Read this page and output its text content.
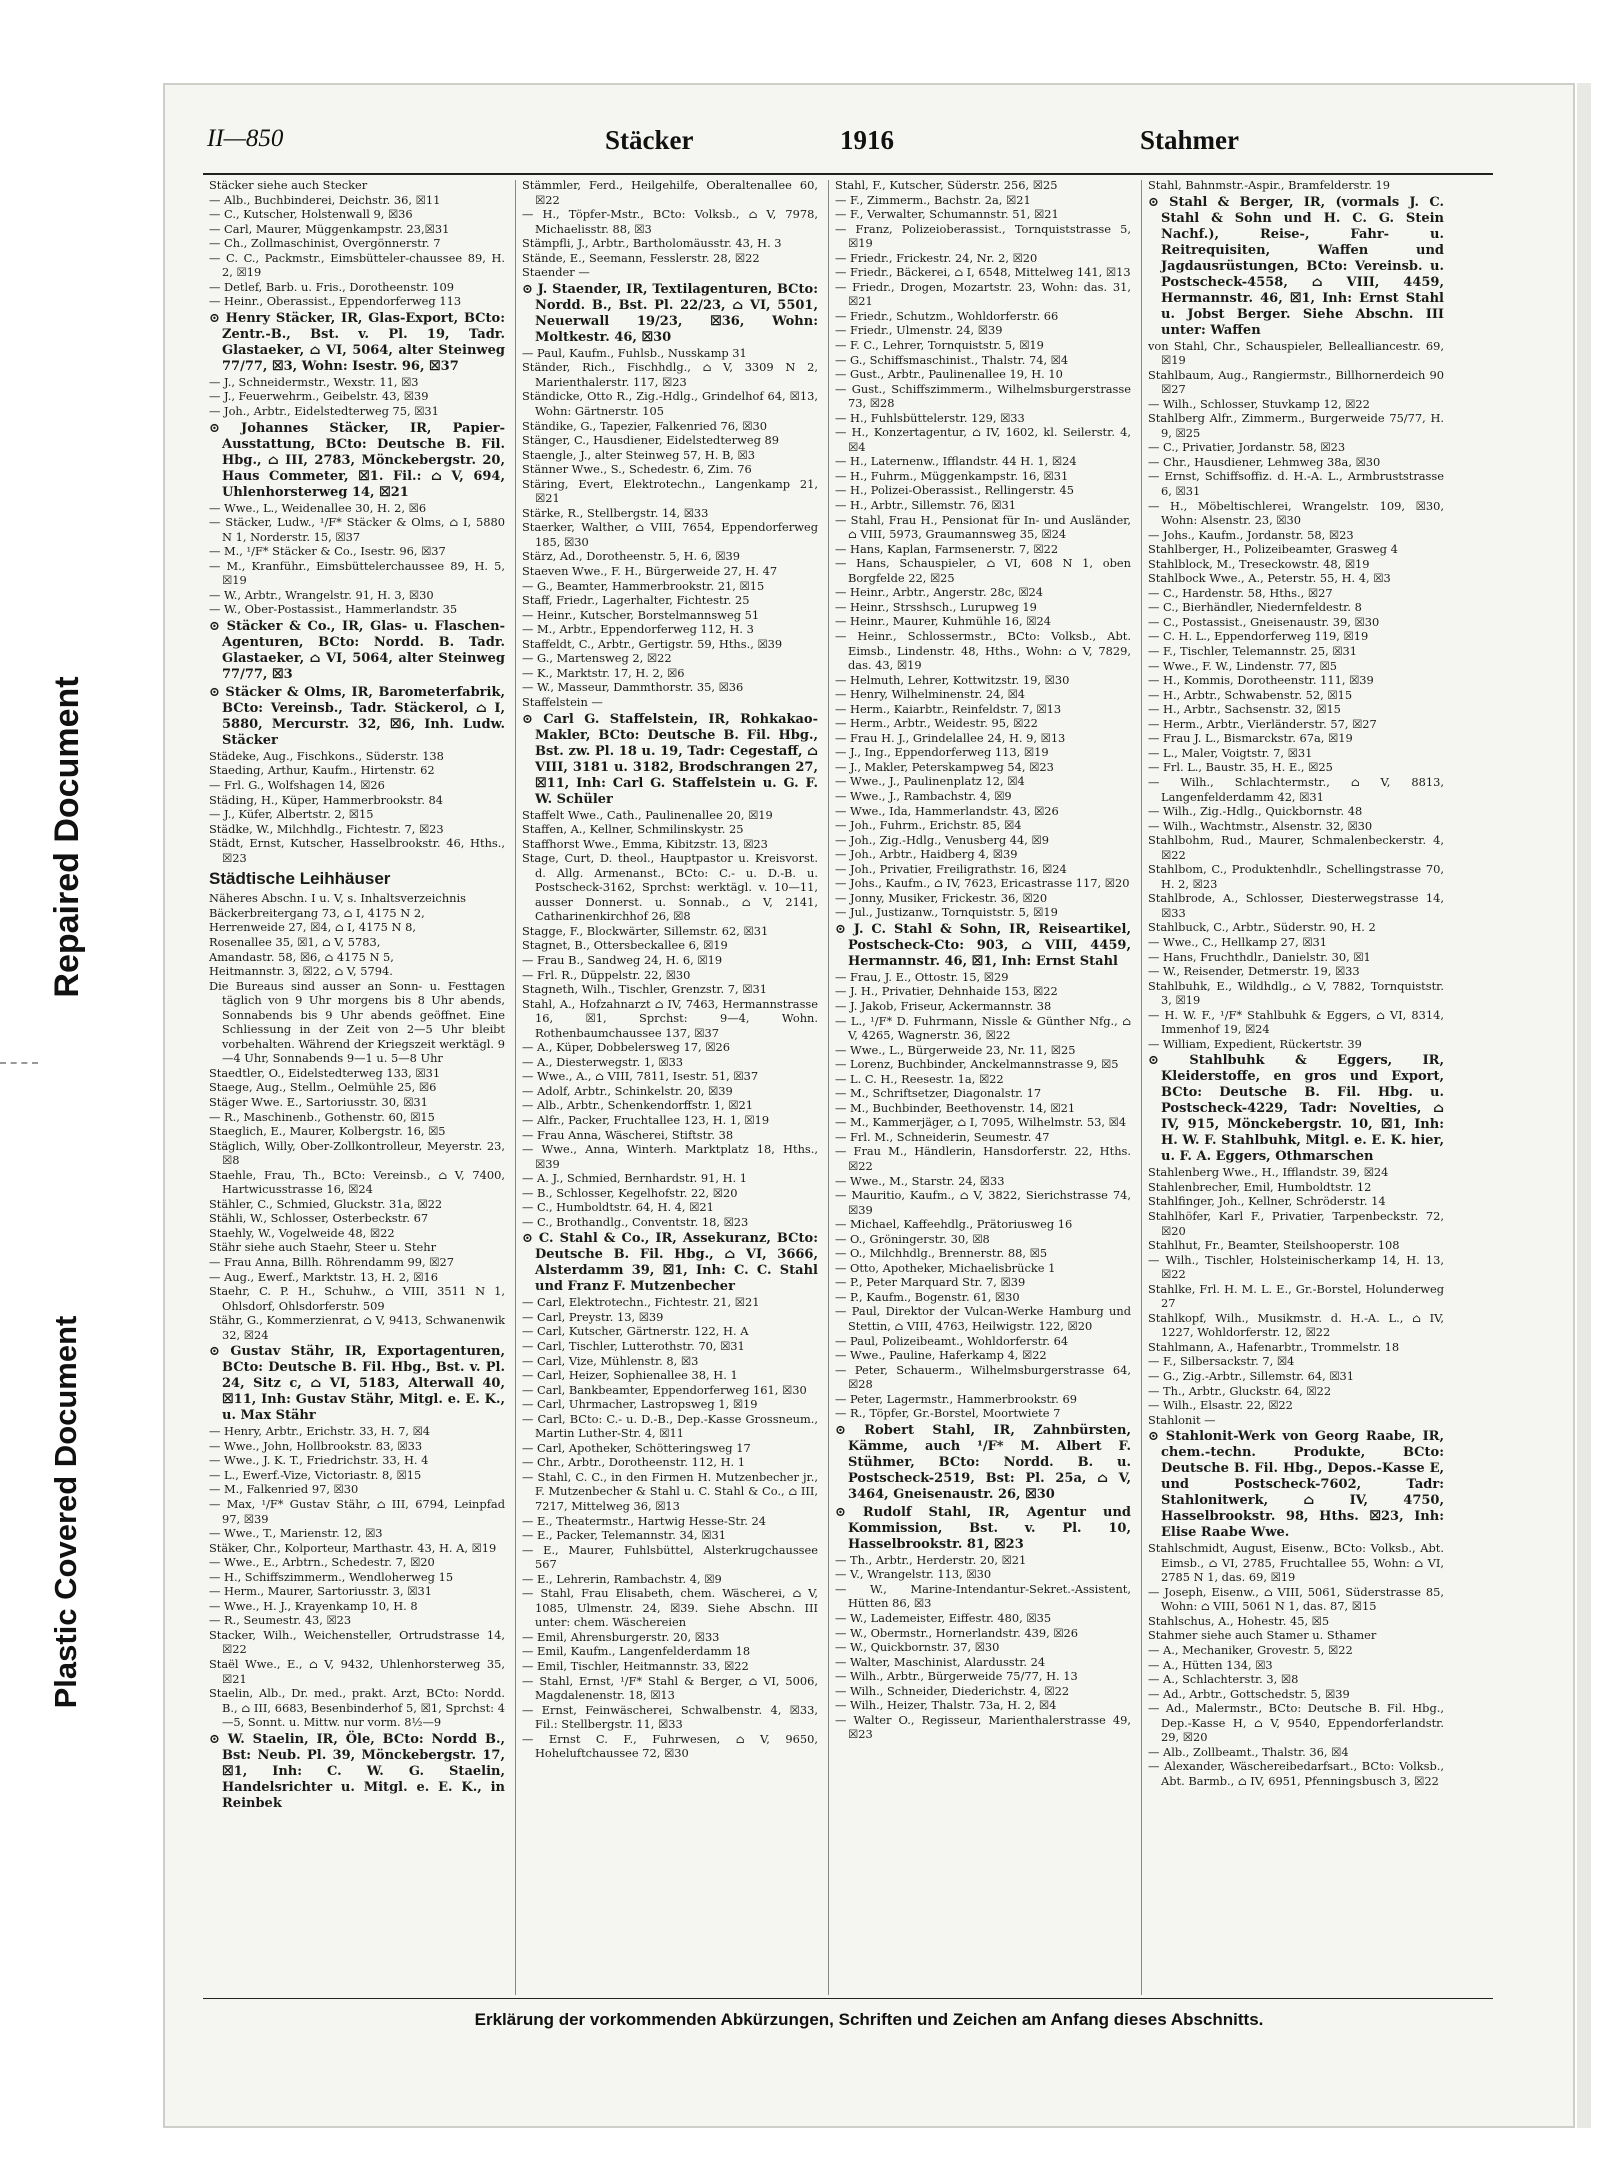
Repaired Document
Plastic Covered Document
II—850	Stäcker	1916	Stahmer

Stäcker siehe auch Stecker

— Alb., Buchbinderei, Deichstr. 36, ☒11

— C., Kutscher, Holstenwall 9, ☒36

— Carl, Maurer, Müggenkampstr. 23,☒31

— Ch., Zollmaschinist, Overgönnerstr. 7

— C. C., Packmstr., Eimsbütteler-chaussee 89, H. 2, ☒19

— Detlef, Barb. u. Fris., Dorotheenstr. 109

— Heinr., Oberassist., Eppendorferweg 113

⊙ Henry Stäcker, IR, Glas-Export, BCto: Zentr.-B., Bst. v. Pl. 19, Tadr. Glastaeker, ⌂ VI, 5064, alter Steinweg 77/77, ☒3, Wohn: Isestr. 96, ☒37

— J., Schneidermstr., Wexstr. 11, ☒3

— J., Feuerwehrm., Geibelstr. 43, ☒39

— Joh., Arbtr., Eidelstedterweg 75, ☒31

⊙ Johannes Stäcker, IR, Papier-Ausstattung, BCto: Deutsche B. Fil. Hbg., ⌂ III, 2783, Mönckebergstr. 20, Haus Commeter, ☒1. Fil.: ⌂ V, 694, Uhlenhorsterweg 14, ☒21

— Wwe., L., Weidenallee 30, H. 2, ☒6

— Stäcker, Ludw., ¹/F* Stäcker & Olms, ⌂ I, 5880 N 1, Norderstr. 15, ☒37

— M., ¹/F* Stäcker & Co., Isestr. 96, ☒37

— M., Kranführ., Eimsbüttelerchaussee 89, H. 5, ☒19

— W., Arbtr., Wrangelstr. 91, H. 3, ☒30

— W., Ober-Postassist., Hammerlandstr. 35

⊙ Stäcker & Co., IR, Glas- u. Flaschen-Agenturen, BCto: Nordd. B. Tadr. Glastaeker, ⌂ VI, 5064, alter Steinweg 77/77, ☒3

⊙ Stäcker & Olms, IR, Barometerfabrik, BCto: Vereinsb., Tadr. Stäckerol, ⌂ I, 5880, Mercurstr. 32, ☒6, Inh. Ludw. Stäcker

Städeke, Aug., Fischkons., Süderstr. 138

Staeding, Arthur, Kaufm., Hirtenstr. 62

— Frl. G., Wolfshagen 14, ☒26

Städing, H., Küper, Hammerbrookstr. 84

— J., Küfer, Albertstr. 2, ☒15

Städke, W., Milchhdlg., Fichtestr. 7, ☒23

Städt, Ernst, Kutscher, Hasselbrookstr. 46, Hths., ☒23

Städtische Leihhäuser

Näheres Abschn. I u. V, s. Inhaltsverzeichnis

Bäckerbreitergang 73, ⌂ I, 4175 N 2,

Herrenweide 27, ☒4, ⌂ I, 4175 N 8,

Rosenallee 35, ☒1, ⌂ V, 5783,

Amandastr. 58, ☒6, ⌂ 4175 N 5,

Heitmannstr. 3, ☒22, ⌂ V, 5794.

Die Bureaus sind ausser an Sonn- u. Festtagen täglich von 9 Uhr morgens bis 8 Uhr abends, Sonnabends bis 9 Uhr abends geöffnet. Eine Schliessung in der Zeit von 2—5 Uhr bleibt vorbehalten. Während der Kriegszeit werktägl. 9—4 Uhr, Sonnabends 9—1 u. 5—8 Uhr

Staedtler, O., Eidelstedterweg 133, ☒31

Staege, Aug., Stellm., Oelmühle 25, ☒6

Stäger Wwe. E., Sartoriusstr. 30, ☒31

— R., Maschinenb., Gothenstr. 60, ☒15

Staeglich, E., Maurer, Kolbergstr. 16, ☒5

Stäglich, Willy, Ober-Zollkontrolleur, Meyerstr. 23, ☒8

Staehle, Frau, Th., BCto: Vereinsb., ⌂ V, 7400, Hartwicusstrasse 16, ☒24

Stähler, C., Schmied, Gluckstr. 31a, ☒22

Stähli, W., Schlosser, Osterbeckstr. 67

Staehly, W., Vogelweide 48, ☒22

Stähr siehe auch Staehr, Steer u. Stehr

— Frau Anna, Billh. Röhrendamm 99, ☒27

— Aug., Ewerf., Marktstr. 13, H. 2, ☒16

Staehr, C. P. H., Schuhw., ⌂ VIII, 3511 N 1, Ohlsdorf, Ohlsdorferstr. 509

Stähr, G., Kommerzienrat, ⌂ V, 9413, Schwanenwik 32, ☒24

⊙ Gustav Stähr, IR, Exportagenturen, BCto: Deutsche B. Fil. Hbg., Bst. v. Pl. 24, Sitz c, ⌂ VI, 5183, Alterwall 40, ☒11, Inh: Gustav Stähr, Mitgl. e. E. K., u. Max Stähr

— Henry, Arbtr., Erichstr. 33, H. 7, ☒4

— Wwe., John, Hollbrookstr. 83, ☒33

— Wwe., J. K. T., Friedrichstr. 33, H. 4

— L., Ewerf.-Vize, Victoriastr. 8, ☒15

— M., Falkenried 97, ☒30

— Max, ¹/F* Gustav Stähr, ⌂ III, 6794, Leinpfad 97, ☒39

— Wwe., T., Marienstr. 12, ☒3

Stäker, Chr., Kolporteur, Marthastr. 43, H. A, ☒19

— Wwe., E., Arbtrn., Schedestr. 7, ☒20

— H., Schiffszimmerm., Wendloherweg 15

— Herm., Maurer, Sartoriusstr. 3, ☒31

— Wwe., H. J., Krayenkamp 10, H. 8

— R., Seumestr. 43, ☒23

Stacker, Wilh., Weichensteller, Ortrudstrasse 14, ☒22

Staël Wwe., E., ⌂ V, 9432, Uhlenhorsterweg 35, ☒21

Staelin, Alb., Dr. med., prakt. Arzt, BCto: Nordd. B., ⌂ III, 6683, Besenbinderhof 5, ☒1, Sprchst: 4—5, Sonnt. u. Mittw. nur vorm. 8½—9

⊙ W. Staelin, IR, Öle, BCto: Nordd B., Bst: Neub. Pl. 39, Mönckebergstr. 17, ☒1, Inh: C. W. G. Staelin, Handelsrichter u. Mitgl. e. E. K., in Reinbek

Stämmler, Ferd., Heilgehilfe, Oberaltenallee 60, ☒22

— H., Töpfer-Mstr., BCto: Volksb., ⌂ V, 7978, Michaelisstr. 88, ☒3

Stämpfli, J., Arbtr., Bartholomäusstr. 43, H. 3

Stände, E., Seemann, Fesslerstr. 28, ☒22

Staender —

⊙ J. Staender, IR, Textilagenturen, BCto: Nordd. B., Bst. Pl. 22/23, ⌂ VI, 5501, Neuerwall 19/23, ☒36, Wohn: Moltkestr. 46, ☒30

— Paul, Kaufm., Fuhlsb., Nusskamp 31

Ständer, Rich., Fischhdlg., ⌂ V, 3309 N 2, Marienthalerstr. 117, ☒23

Ständicke, Otto R., Zig.-Hdlg., Grindelhof 64, ☒13, Wohn: Gärtnerstr. 105

Ständike, G., Tapezier, Falkenried 76, ☒30

Stänger, C., Hausdiener, Eidelstedterweg 89

Staengle, J., alter Steinweg 57, H. B, ☒3

Stänner Wwe., S., Schedestr. 6, Zim. 76

Stäring, Evert, Elektrotechn., Langenkamp 21, ☒21

Stärke, R., Stellbergstr. 14, ☒33

Staerker, Walther, ⌂ VIII, 7654, Eppendorferweg 185, ☒30

Stärz, Ad., Dorotheenstr. 5, H. 6, ☒39

Staeven Wwe., F. H., Bürgerweide 27, H. 47

— G., Beamter, Hammerbrookstr. 21, ☒15

Staff, Friedr., Lagerhalter, Fichtestr. 25

— Heinr., Kutscher, Borstelmannsweg 51

— M., Arbtr., Eppendorferweg 112, H. 3

Staffeldt, C., Arbtr., Gertigstr. 59, Hths., ☒39

— G., Martensweg 2, ☒22

— K., Marktstr. 17, H. 2, ☒6

— W., Masseur, Dammthorstr. 35, ☒36

Staffelstein —

⊙ Carl G. Staffelstein, IR, Rohkakao-Makler, BCto: Deutsche B. Fil. Hbg., Bst. zw. Pl. 18 u. 19, Tadr: Cegestaff, ⌂ VIII, 3181 u. 3182, Brodschrangen 27, ☒11, Inh: Carl G. Staffelstein u. G. F. W. Schüler

Staffelt Wwe., Cath., Paulinenallee 20, ☒19

Staffen, A., Kellner, Schmilinskystr. 25

Staffhorst Wwe., Emma, Kibitzstr. 13, ☒23

Stage, Curt, D. theol., Hauptpastor u. Kreisvorst. d. Allg. Armenanst., BCto: C.- u. D.-B. u. Postscheck-3162, Sprchst: werktägl. v. 10—11, ausser Donnerst. u. Sonnab., ⌂ V, 2141, Catharinenkirchhof 26, ☒8

Stagge, F., Blockwärter, Sillemstr. 62, ☒31

Stagnet, B., Ottersbeckallee 6, ☒19

— Frau B., Sandweg 24, H. 6, ☒19

— Frl. R., Düppelstr. 22, ☒30

Stagneth, Wilh., Tischler, Grenzstr. 7, ☒31

Stahl, A., Hofzahnarzt ⌂ IV, 7463, Hermannstrasse 16, ☒1, Sprchst: 9—4, Wohn. Rothenbaumchaussee 137, ☒37

— A., Küper, Dobbelersweg 17, ☒26

— A., Diesterwegstr. 1, ☒33

— Wwe., A., ⌂ VIII, 7811, Isestr. 51, ☒37

— Adolf, Arbtr., Schinkelstr. 20, ☒39

— Alb., Arbtr., Schenkendorffstr. 1, ☒21

— Alfr., Packer, Fruchtallee 123, H. 1, ☒19

— Frau Anna, Wäscherei, Stiftstr. 38

— Wwe., Anna, Winterh. Marktplatz 18, Hths., ☒39

— A. J., Schmied, Bernhardstr. 91, H. 1

— B., Schlosser, Kegelhofstr. 22, ☒20

— C., Humboldtstr. 64, H. 4, ☒21

— C., Brothandlg., Conventstr. 18, ☒23

⊙ C. Stahl & Co., IR, Assekuranz, BCto: Deutsche B. Fil. Hbg., ⌂ VI, 3666, Alsterdamm 39, ☒1, Inh: C. C. Stahl und Franz F. Mutzenbecher

— Carl, Elektrotechn., Fichtestr. 21, ☒21

— Carl, Preystr. 13, ☒39

— Carl, Kutscher, Gärtnerstr. 122, H. A

— Carl, Tischler, Lutterothstr. 70, ☒31

— Carl, Vize, Mühlenstr. 8, ☒3

— Carl, Heizer, Sophienallee 38, H. 1

— Carl, Bankbeamter, Eppendorferweg 161, ☒30

— Carl, Uhrmacher, Lastropsweg 1, ☒19

— Carl, BCto: C.- u. D.-B., Dep.-Kasse Grossneum., Martin Luther-Str. 4, ☒11

— Carl, Apotheker, Schötteringsweg 17

— Chr., Arbtr., Dorotheenstr. 112, H. 1

— Stahl, C. C., in den Firmen H. Mutzenbecher jr., F. Mutzenbecher & Stahl u. C. Stahl & Co., ⌂ III, 7217, Mittelweg 36, ☒13

— E., Theatermstr., Hartwig Hesse-Str. 24

— E., Packer, Telemannstr. 34, ☒31

— E., Maurer, Fuhlsbüttel, Alsterkrugchaussee 567

— E., Lehrerin, Rambachstr. 4, ☒9

— Stahl, Frau Elisabeth, chem. Wäscherei, ⌂ V, 1085, Ulmenstr. 24, ☒39. Siehe Abschn. III unter: chem. Wäschereien

— Emil, Ahrensburgerstr. 20, ☒33

— Emil, Kaufm., Langenfelderdamm 18

— Emil, Tischler, Heitmannstr. 33, ☒22

— Stahl, Ernst, ¹/F* Stahl & Berger, ⌂ VI, 5006, Magdalenenstr. 18, ☒13

— Ernst, Feinwäscherei, Schwalbenstr. 4, ☒33, Fil.: Stellbergstr. 11, ☒33

— Ernst C. F., Fuhrwesen, ⌂ V, 9650, Hoheluftchaussee 72, ☒30

Stahl, F., Kutscher, Süderstr. 256, ☒25

— F., Zimmerm., Bachstr. 2a, ☒21

— F., Verwalter, Schumannstr. 51, ☒21

— Franz, Polizeioberassist., Tornquiststrasse 5, ☒19

— Friedr., Frickestr. 24, Nr. 2, ☒20

— Friedr., Bäckerei, ⌂ I, 6548, Mittelweg 141, ☒13

— Friedr., Drogen, Mozartstr. 23, Wohn: das. 31, ☒21

— Friedr., Schutzm., Wohldorferstr. 66

— Friedr., Ulmenstr. 24, ☒39

— F. C., Lehrer, Tornquiststr. 5, ☒19

— G., Schiffsmaschinist., Thalstr. 74, ☒4

— Gust., Arbtr., Paulinenallee 19, H. 10

— Gust., Schiffszimmerm., Wilhelmsburgerstrasse 73, ☒28

— H., Fuhlsbüttelerstr. 129, ☒33

— H., Konzertagentur, ⌂ IV, 1602, kl. Seilerstr. 4, ☒4

— H., Laternenw., Ifflandstr. 44 H. 1, ☒24

— H., Fuhrm., Müggenkampstr. 16, ☒31

— H., Polizei-Oberassist., Rellingerstr. 45

— H., Arbtr., Sillemstr. 76, ☒31

— Stahl, Frau H., Pensionat für In- und Ausländer, ⌂ VIII, 5973, Graumannsweg 35, ☒24

— Hans, Kaplan, Farmsenerstr. 7, ☒22

— Hans, Schauspieler, ⌂ VI, 608 N 1, oben Borgfelde 22, ☒25

— Heinr., Arbtr., Angerstr. 28c, ☒24

— Heinr., Strsshsch., Lurupweg 19

— Heinr., Maurer, Kuhmühle 16, ☒24

— Heinr., Schlossermstr., BCto: Volksb., Abt. Eimsb., Lindenstr. 48, Hths., Wohn: ⌂ V, 7829, das. 43, ☒19

— Helmuth, Lehrer, Kottwitzstr. 19, ☒30

— Henry, Wilhelminenstr. 24, ☒4

— Herm., Kaiarbtr., Reinfeldstr. 7, ☒13

— Herm., Arbtr., Weidestr. 95, ☒22

— Frau H. J., Grindelallee 24, H. 9, ☒13

— J., Ing., Eppendorferweg 113, ☒19

— J., Makler, Peterskampweg 54, ☒23

— Wwe., J., Paulinenplatz 12, ☒4

— Wwe., J., Rambachstr. 4, ☒9

— Wwe., Ida, Hammerlandstr. 43, ☒26

— Joh., Fuhrm., Erichstr. 85, ☒4

— Joh., Zig.-Hdlg., Venusberg 44, ☒9

— Joh., Arbtr., Haidberg 4, ☒39

— Joh., Privatier, Freiligrathstr. 16, ☒24

— Johs., Kaufm., ⌂ IV, 7623, Ericastrasse 117, ☒20

— Jonny, Musiker, Frickestr. 36, ☒20

— Jul., Justizanw., Tornquiststr. 5, ☒19

⊙ J. C. Stahl & Sohn, IR, Reiseartikel, Postscheck-Cto: 903, ⌂ VIII, 4459, Hermannstr. 46, ☒1, Inh: Ernst Stahl

— Frau, J. E., Ottostr. 15, ☒29

— J. H., Privatier, Dehnhaide 153, ☒22

— J. Jakob, Friseur, Ackermannstr. 38

— L., ¹/F* D. Fuhrmann, Nissle & Günther Nfg., ⌂ V, 4265, Wagnerstr. 36, ☒22

— Wwe., L., Bürgerweide 23, Nr. 11, ☒25

— Lorenz, Buchbinder, Anckelmannstrasse 9, ☒5

— L. C. H., Reesestr. 1a, ☒22

— M., Schriftsetzer, Diagonalstr. 17

— M., Buchbinder, Beethovenstr. 14, ☒21

— M., Kammerjäger, ⌂ I, 7095, Wilhelmstr. 53, ☒4

— Frl. M., Schneiderin, Seumestr. 47

— Frau M., Händlerin, Hansdorferstr. 22, Hths. ☒22

— Wwe., M., Starstr. 24, ☒33

— Mauritio, Kaufm., ⌂ V, 3822, Sierichstrasse 74, ☒39

— Michael, Kaffeehdlg., Prätoriusweg 16

— O., Gröningerstr. 30, ☒8

— O., Milchhdlg., Brennerstr. 88, ☒5

— Otto, Apotheker, Michaelisbrücke 1

— P., Peter Marquard Str. 7, ☒39

— P., Kaufm., Bogenstr. 61, ☒30

— Paul, Direktor der Vulcan-Werke Hamburg und Stettin, ⌂ VIII, 4763, Heilwigstr. 122, ☒20

— Paul, Polizeibeamt., Wohldorferstr. 64

— Wwe., Pauline, Haferkamp 4, ☒22

— Peter, Schauerm., Wilhelmsburgerstrasse 64, ☒28

— Peter, Lagermstr., Hammerbrookstr. 69

— R., Töpfer, Gr.-Borstel, Moortwiete 7

⊙ Robert Stahl, IR, Zahnbürsten, Kämme, auch ¹/F* M. Albert F. Stühmer, BCto: Nordd. B. u. Postscheck-2519, Bst: Pl. 25a, ⌂ V, 3464, Gneisenaustr. 26, ☒30

⊙ Rudolf Stahl, IR, Agentur und Kommission, Bst. v. Pl. 10, Hasselbrookstr. 81, ☒23

— Th., Arbtr., Herderstr. 20, ☒21

— V., Wrangelstr. 113, ☒30

— W., Marine-Intendantur-Sekret.-Assistent, Hütten 86, ☒3

— W., Lademeister, Eiffestr. 480, ☒35

— W., Obermstr., Hornerlandstr. 439, ☒26

— W., Quickbornstr. 37, ☒30

— Walter, Maschinist, Alardusstr. 24

— Wilh., Arbtr., Bürgerweide 75/77, H. 13

— Wilh., Schneider, Diederichstr. 4, ☒22

— Wilh., Heizer, Thalstr. 73a, H. 2, ☒4

— Walter O., Regisseur, Marienthalerstrasse 49, ☒23

Stahl, Bahnmstr.-Aspir., Bramfelderstr. 19

⊙ Stahl & Berger, IR, (vormals J. C. Stahl & Sohn und H. C. G. Stein Nachf.), Reise-, Fahr- u. Reitrequisiten, Waffen und Jagdausrüstungen, BCto: Vereinsb. u. Postscheck-4558, ⌂ VIII, 4459, Hermannstr. 46, ☒1, Inh: Ernst Stahl u. Jobst Berger. Siehe Abschn. III unter: Waffen

von Stahl, Chr., Schauspieler, Bellealliancestr. 69, ☒19

Stahlbaum, Aug., Rangiermstr., Billhornerdeich 90 ☒27

— Wilh., Schlosser, Stuvkamp 12, ☒22

Stahlberg Alfr., Zimmerm., Burgerweide 75/77, H. 9, ☒25

— C., Privatier, Jordanstr. 58, ☒23

— Chr., Hausdiener, Lehmweg 38a, ☒30

— Ernst, Schiffsoffiz. d. H.-A. L., Armbruststrasse 6, ☒31

— H., Möbeltischlerei, Wrangelstr. 109, ☒30, Wohn: Alsenstr. 23, ☒30

— Johs., Kaufm., Jordanstr. 58, ☒23

Stahlberger, H., Polizeibeamter, Grasweg 4

Stahlblock, M., Treseckowstr. 48, ☒19

Stahlbock Wwe., A., Peterstr. 55, H. 4, ☒3

— C., Hardenstr. 58, Hths., ☒27

— C., Bierhändler, Niedernfeldestr. 8

— C., Postassist., Gneisenaustr. 39, ☒30

— C. H. L., Eppendorferweg 119, ☒19

— F., Tischler, Telemannstr. 25, ☒31

— Wwe., F. W., Lindenstr. 77, ☒5

— H., Kommis, Dorotheenstr. 111, ☒39

— H., Arbtr., Schwabenstr. 52, ☒15

— H., Arbtr., Sachsenstr. 32, ☒15

— Herm., Arbtr., Vierländerstr. 57, ☒27

— Frau J. L., Bismarckstr. 67a, ☒19

— L., Maler, Voigtstr. 7, ☒31

— Frl. L., Baustr. 35, H. E., ☒25

— Wilh., Schlachtermstr., ⌂ V, 8813, Langenfelderdamm 42, ☒31

— Wilh., Zig.-Hdlg., Quickbornstr. 48

— Wilh., Wachtmstr., Alsenstr. 32, ☒30

Stahlbohm, Rud., Maurer, Schmalenbeckerstr. 4, ☒22

Stahlbom, C., Produktenhdlr., Schellingstrasse 70, H. 2, ☒23

Stahlbrode, A., Schlosser, Diesterwegstrasse 14, ☒33

Stahlbuck, C., Arbtr., Süderstr. 90, H. 2

— Wwe., C., Hellkamp 27, ☒31

— Hans, Fruchthdlr., Danielstr. 30, ☒1

— W., Reisender, Detmerstr. 19, ☒33

Stahlbuhk, E., Wildhdlg., ⌂ V, 7882, Tornquiststr. 3, ☒19

— H. W. F., ¹/F* Stahlbuhk & Eggers, ⌂ VI, 8314, Immenhof 19, ☒24

— William, Expedient, Rückertstr. 39

⊙ Stahlbuhk & Eggers, IR, Kleiderstoffe, en gros und Export, BCto: Deutsche B. Fil. Hbg. u. Postscheck-4229, Tadr: Novelties, ⌂ IV, 915, Mönckebergstr. 10, ☒1, Inh: H. W. F. Stahlbuhk, Mitgl. e. E. K. hier, u. F. A. Eggers, Othmarschen

Stahlenberg Wwe., H., Ifflandstr. 39, ☒24

Stahlenbrecher, Emil, Humboldtstr. 12

Stahlfinger, Joh., Kellner, Schröderstr. 14

Stahlhöfer, Karl F., Privatier, Tarpenbeckstr. 72, ☒20

Stahlhut, Fr., Beamter, Steilshooperstr. 108

— Wilh., Tischler, Holsteinischerkamp 14, H. 13, ☒22

Stahlke, Frl. H. M. L. E., Gr.-Borstel, Holunderweg 27

Stahlkopf, Wilh., Musikmstr. d. H.-A. L., ⌂ IV, 1227, Wohldorferstr. 12, ☒22

Stahlmann, A., Hafenarbtr., Trommelstr. 18

— F., Silbersackstr. 7, ☒4

— G., Zig.-Arbtr., Sillemstr. 64, ☒31

— Th., Arbtr., Gluckstr. 64, ☒22

— Wilh., Elsastr. 22, ☒22

Stahlonit —

⊙ Stahlonit-Werk von Georg Raabe, IR, chem.-techn. Produkte, BCto: Deutsche B. Fil. Hbg., Depos.-Kasse E, und Postscheck-7602, Tadr: Stahlonitwerk, ⌂ IV, 4750, Hasselbrookstr. 98, Hths. ☒23, Inh: Elise Raabe Wwe.

Stahlschmidt, August, Eisenw., BCto: Volksb., Abt. Eimsb., ⌂ VI, 2785, Fruchtallee 55, Wohn: ⌂ VI, 2785 N 1, das. 69, ☒19

— Joseph, Eisenw., ⌂ VIII, 5061, Süderstrasse 85, Wohn: ⌂ VIII, 5061 N 1, das. 87, ☒15

Stahlschus, A., Hohestr. 45, ☒5

Stahmer siehe auch Stamer u. Sthamer

— A., Mechaniker, Grovestr. 5, ☒22

— A., Hütten 134, ☒3

— A., Schlachterstr. 3, ☒8

— Ad., Arbtr., Gottschedstr. 5, ☒39

— Ad., Malermstr., BCto: Deutsche B. Fil. Hbg., Dep.-Kasse H, ⌂ V, 9540, Eppendorferlandstr. 29, ☒20

— Alb., Zollbeamt., Thalstr. 36, ☒4

— Alexander, Wäschereibedarfsart., BCto: Volksb., Abt. Barmb., ⌂ IV, 6951, Pfenningsbusch 3, ☒22

Erklärung der vorkommenden Abkürzungen, Schriften und Zeichen am Anfang dieses Abschnitts.
